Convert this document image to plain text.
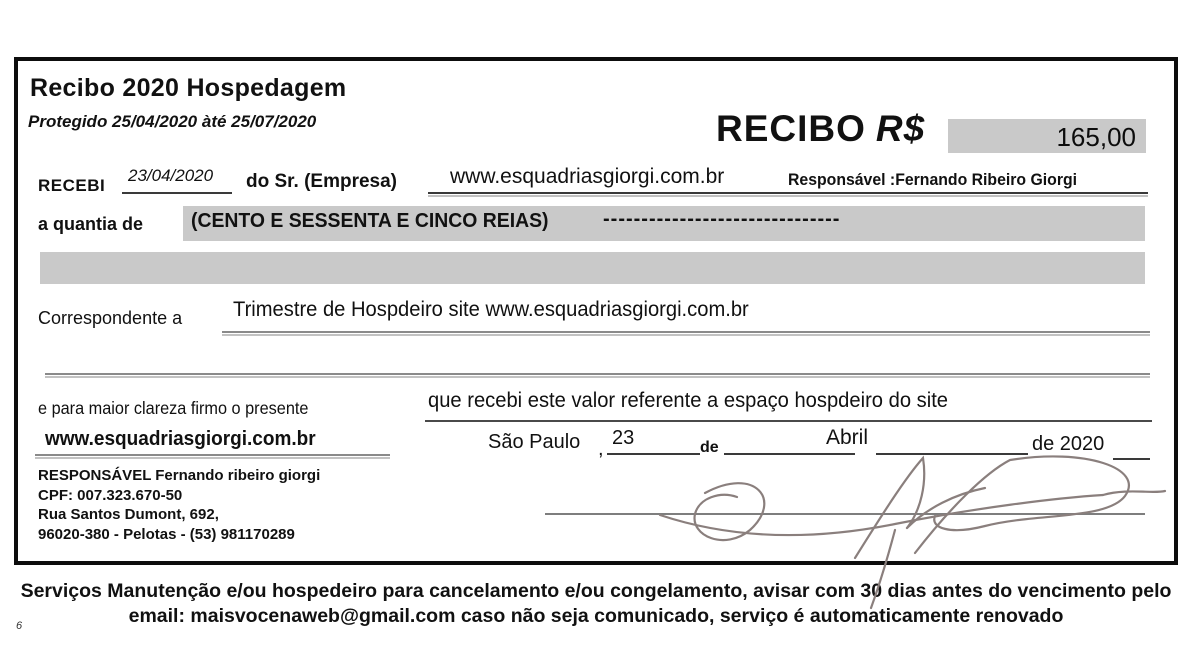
Recibo 2020 Hospedagem
Protegido 25/04/2020 àté 25/07/2020	RECIBO R$	165,00
RECEBI
23/04/2020 do Sr. (Empresa)	www.esquadriasgiorgi.com.br	Responsável :Fernando Ribeiro Giorgi
a quantia de (CENTO E SESSENTA E CINCO REIAS)	-------------------------------
Correspondente a Trimestre de Hospdeiro site www.esquadriasgiorgi.com.br
e para maior clareza firmo o presente	que recebi este valor referente a espaço hospdeiro do site
www.esquadriasgiorgi.com.br	São Paulo , 23	de	Abril	de 2020
RESPONSÁVEL Fernando ribeiro giorgi
CPF: 007.323.670-50
Rua Santos Dumont, 692,
96020-380 - Pelotas - (53) 981170289
Serviços Manutenção e/ou hospedeiro para cancelamento e/ou congelamento, avisar com 30 dias antes do vencimento pelo
email: maisvocenaweb@gmail.com caso não seja comunicado, serviço é automaticamente renovado
6
